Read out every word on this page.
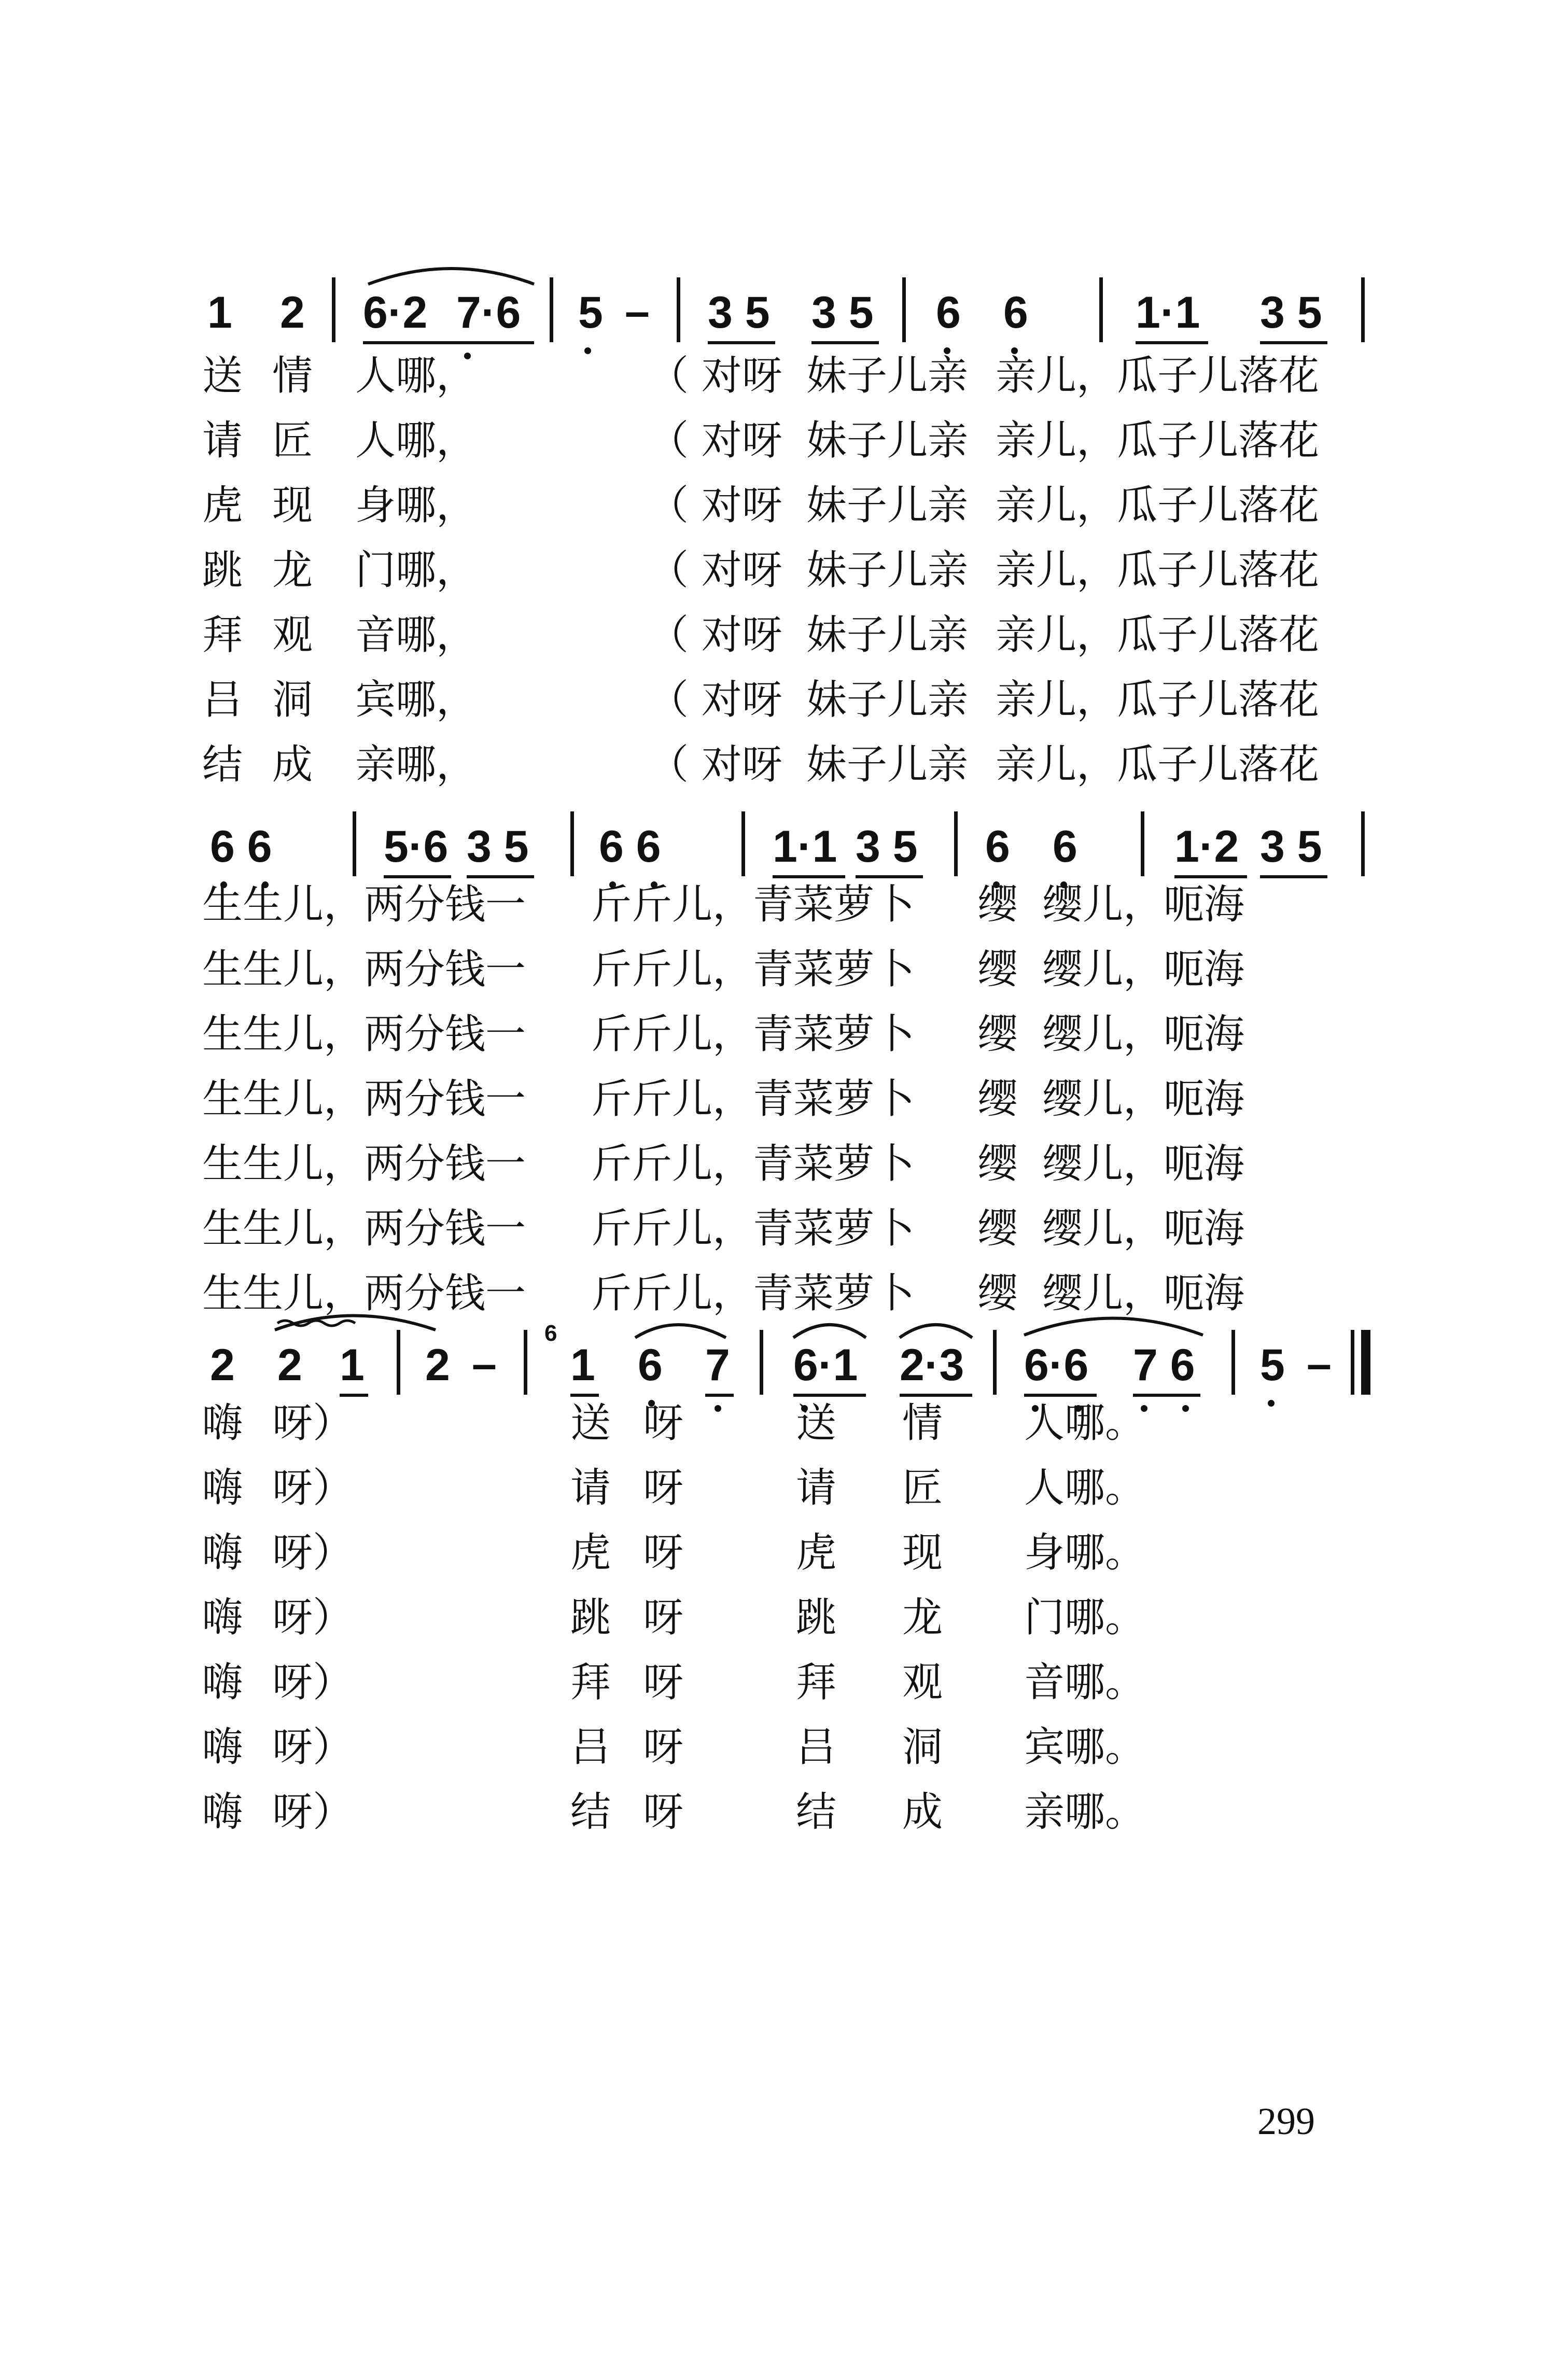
1 2 6·2 7·6 5 – 3 5 3 5 6 6 1·1 3 5
送 情 人哪，	（ 对呀 妹子儿亲 亲儿，瓜子儿落花
请 匠 人哪，	（ 对呀 妹子儿亲 亲儿，瓜子儿落花
虎 现 身哪，	（ 对呀 妹子儿亲 亲儿，瓜子儿落花
跳 龙 门哪，	（ 对呀 妹子儿亲 亲儿，瓜子儿落花
拜 观 音哪，	（ 对呀 妹子儿亲 亲儿，瓜子儿落花
吕 洞 宾哪，	（ 对呀 妹子儿亲 亲儿，瓜子儿落花
结 成 亲哪，	（ 对呀 妹子儿亲 亲儿，瓜子儿落花
6 6	5·6 3 5 6 6	1·1 3 5 6 6 1·2 3 5
生生儿，两分钱一 斤斤儿，青菜萝卜 缨 缨儿，呃海
生生儿，两分钱一 斤斤儿，青菜萝卜 缨 缨儿，呃海
生生儿，两分钱一 斤斤儿，青菜萝卜 缨 缨儿，呃海
生生儿，两分钱一 斤斤儿，青菜萝卜 缨 缨儿，呃海
生生儿，两分钱一 斤斤儿，青菜萝卜 缨 缨儿，呃海
生生儿，两分钱一 斤斤儿，青菜萝卜 缨 缨儿，呃海
生生儿，两分钱一 斤斤儿，青菜萝卜 缨 缨儿，呃海
2 2 1 2 –
6
1 6 7 6·1 2·3 6·6 7 6 5 –
嗨 呀）	送 呀	送 情 人哪。
嗨 呀）	请 呀	请 匠 人哪。
嗨 呀）	虎 呀	虎 现 身哪。
嗨 呀）	跳 呀	跳 龙 门哪。
嗨 呀）	拜 呀	拜 观 音哪。
嗨 呀）	吕 呀	吕 洞 宾哪。
嗨 呀）	结 呀	结 成 亲哪。
299
